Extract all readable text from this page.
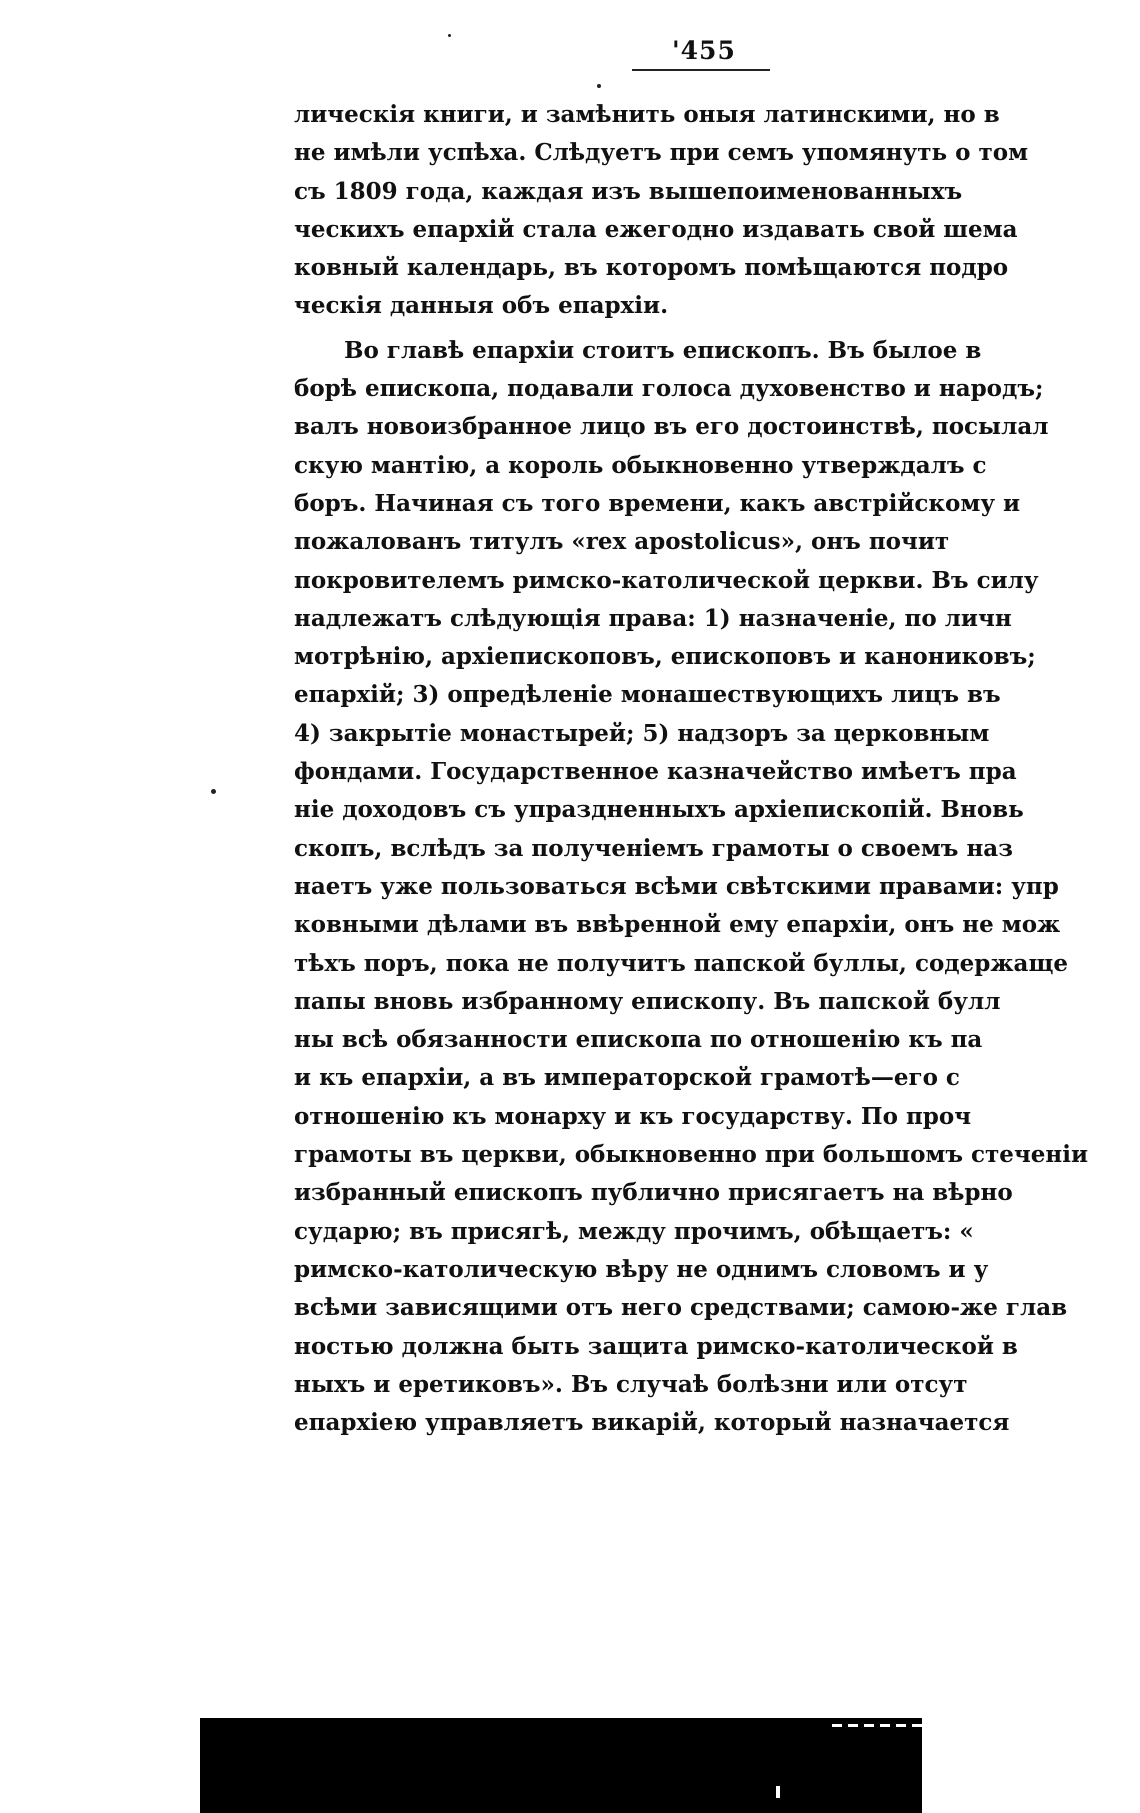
'455
лическія книги, и замѣнить оныя латинскими, но в
не имѣли успѣха. Слѣдуетъ при семъ упомянуть о том
съ 1809 года, каждая изъ вышепоименованныхъ
ческихъ епархій стала ежегодно издавать свой шема
ковный календарь, въ которомъ помѣщаются подро
ческія данныя объ епархіи.
Во главѣ епархіи стоитъ епископъ. Въ былое в
борѣ епископа, подавали голоса духовенство и народъ;
валъ новоизбранное лицо въ его достоинствѣ, посылал
скую мантію, а король обыкновенно утверждалъ с
боръ. Начиная съ того времени, какъ австрійскому и
пожалованъ титулъ «rex apostolicus», онъ почит
покровителемъ римско-католической церкви. Въ силу
надлежатъ слѣдующія права: 1) назначеніе, по личн
мотрѣнію, архіепископовъ, епископовъ и канониковъ;
епархій; 3) опредѣленіе монашествующихъ лицъ въ
4) закрытіе монастырей; 5) надзоръ за церковным
фондами. Государственное казначейство имѣетъ пра
ніе доходовъ съ упраздненныхъ архіепископій. Вновь
скопъ, вслѣдъ за полученіемъ грамоты о своемъ наз
наетъ уже пользоваться всѣми свѣтскими правами: упр
ковными дѣлами въ ввѣренной ему епархіи, онъ не мож
тѣхъ поръ, пока не получитъ папской буллы, содержаще
папы вновь избранному епископу. Въ папской булл
ны всѣ обязанности епископа по отношенію къ па
и къ епархіи, а въ императорской грамотѣ—его с
отношенію къ монарху и къ государству. По проч
грамоты въ церкви, обыкновенно при большомъ стеченіи
избранный епископъ публично присягаетъ на вѣрно
сударю; въ присягѣ, между прочимъ, обѣщаетъ: «
римско-католическую вѣру не однимъ словомъ и у
всѣми зависящими отъ него средствами; самою-же глав
ностью должна быть защита римско-католической в
ныхъ и еретиковъ». Въ случаѣ болѣзни или отсут
епархіею управляетъ викарій, который назначается
